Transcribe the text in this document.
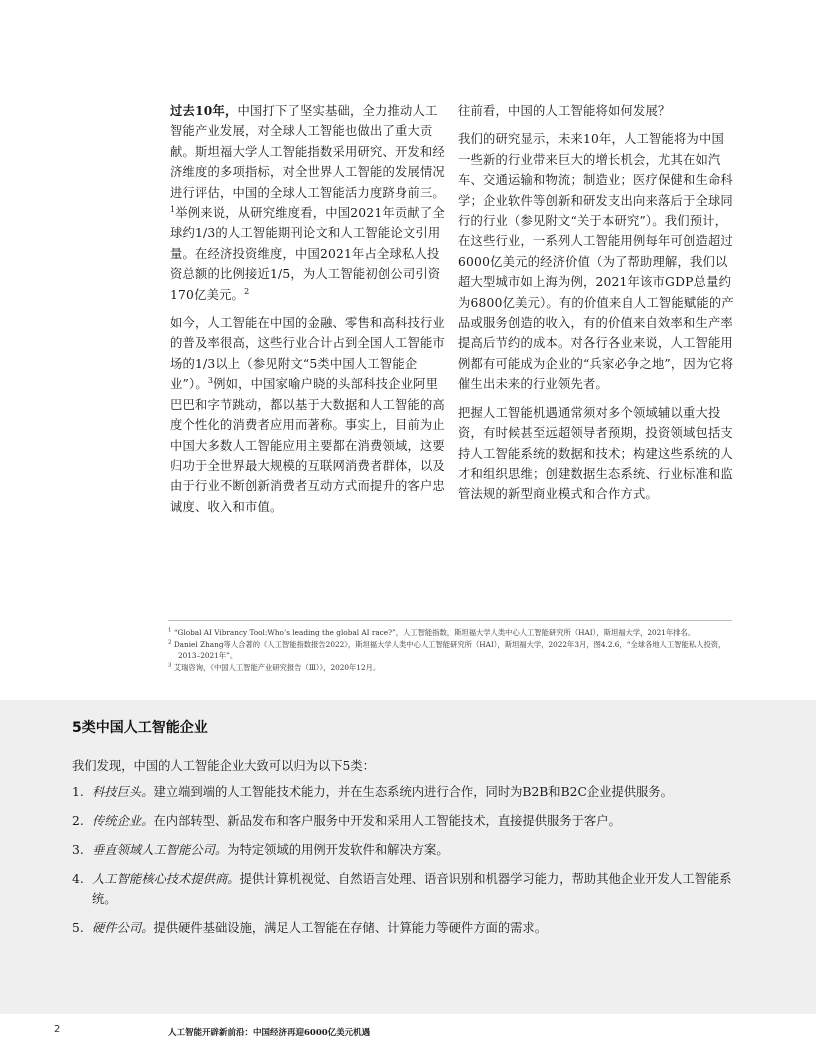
过去10年，中国打下了坚实基础，全力推动人工智能产业发展，对全球人工智能也做出了重大贡献。斯坦福大学人工智能指数采用研究、开发和经济维度的多项指标，对全世界人工智能的发展情况进行评估，中国的全球人工智能活力度跻身前三。$^1$举例来说，从研究维度看，中国2021年贡献了全球约1/3的人工智能期刊论文和人工智能论文引用量。在经济投资维度，中国2021年占全球私人投资总额的比例接近1/5，为人工智能初创公司引资170亿美元。$^2$

如今，人工智能在中国的金融、零售和高科技行业的普及率很高，这些行业合计占到全国人工智能市场的1/3以上（参见附文“5类中国人工智能企业”）。$^3$例如，中国家喻户晓的头部科技企业阿里巴巴和字节跳动，都以基于大数据和人工智能的高度个性化的消费者应用而著称。事实上，目前为止中国大多数人工智能应用主要都在消费领域，这要归功于全世界最大规模的互联网消费者群体，以及由于行业不断创新消费者互动方式而提升的客户忠诚度、收入和市值。

往前看，中国的人工智能将如何发展？

我们的研究显示，未来10年，人工智能将为中国一些新的行业带来巨大的增长机会，尤其在如汽车、交通运输和物流；制造业；医疗保健和生命科学；企业软件等创新和研发支出向来落后于全球同行的行业（参见附文“关于本研究”）。我们预计，在这些行业，一系列人工智能用例每年可创造超过6000亿美元的经济价值（为了帮助理解，我们以超大型城市如上海为例，2021年该市GDP总量约为6800亿美元）。有的价值来自人工智能赋能的产品或服务创造的收入，有的价值来自效率和生产率提高后节约的成本。对各行各业来说，人工智能用例都有可能成为企业的“兵家必争之地”，因为它将催生出未来的行业领先者。

把握人工智能机遇通常须对多个领域辅以重大投资，有时候甚至远超领导者预期，投资领域包括支持人工智能系统的数据和技术；构建这些系统的人才和组织思维；创建数据生态系统、行业标准和监管法规的新型商业模式和合作方式。

$^1$ “Global AI Vibrancy Tool:Who’s leading the global AI race?”，人工智能指数，斯坦福大学人类中心人工智能研究所（HAI），斯坦福大学，2021年排名。
$^2$ Daniel Zhang等人合著的《人工智能指数报告2022》，斯坦福大学人类中心人工智能研究所（HAI），斯坦福大学，2022年3月，图4.2.6，“全球各地人工智能私人投资，2013–2021年”。
$^3$ 艾瑞咨询，《中国人工智能产业研究报告（Ⅲ）》，2020年12月。
5类中国人工智能企业
我们发现，中国的人工智能企业大致可以归为以下5类：
1. 科技巨头。建立端到端的人工智能技术能力，并在生态系统内进行合作，同时为B2B和B2C企业提供服务。
2. 传统企业。在内部转型、新品发布和客户服务中开发和采用人工智能技术，直接提供服务于客户。
3. 垂直领域人工智能公司。为特定领域的用例开发软件和解决方案。
4. 人工智能核心技术提供商。提供计算机视觉、自然语言处理、语音识别和机器学习能力，帮助其他企业开发人工智能系统。
5. 硬件公司。提供硬件基础设施，满足人工智能在存储、计算能力等硬件方面的需求。
2	人工智能开辟新前沿：中国经济再迎6000亿美元机遇
